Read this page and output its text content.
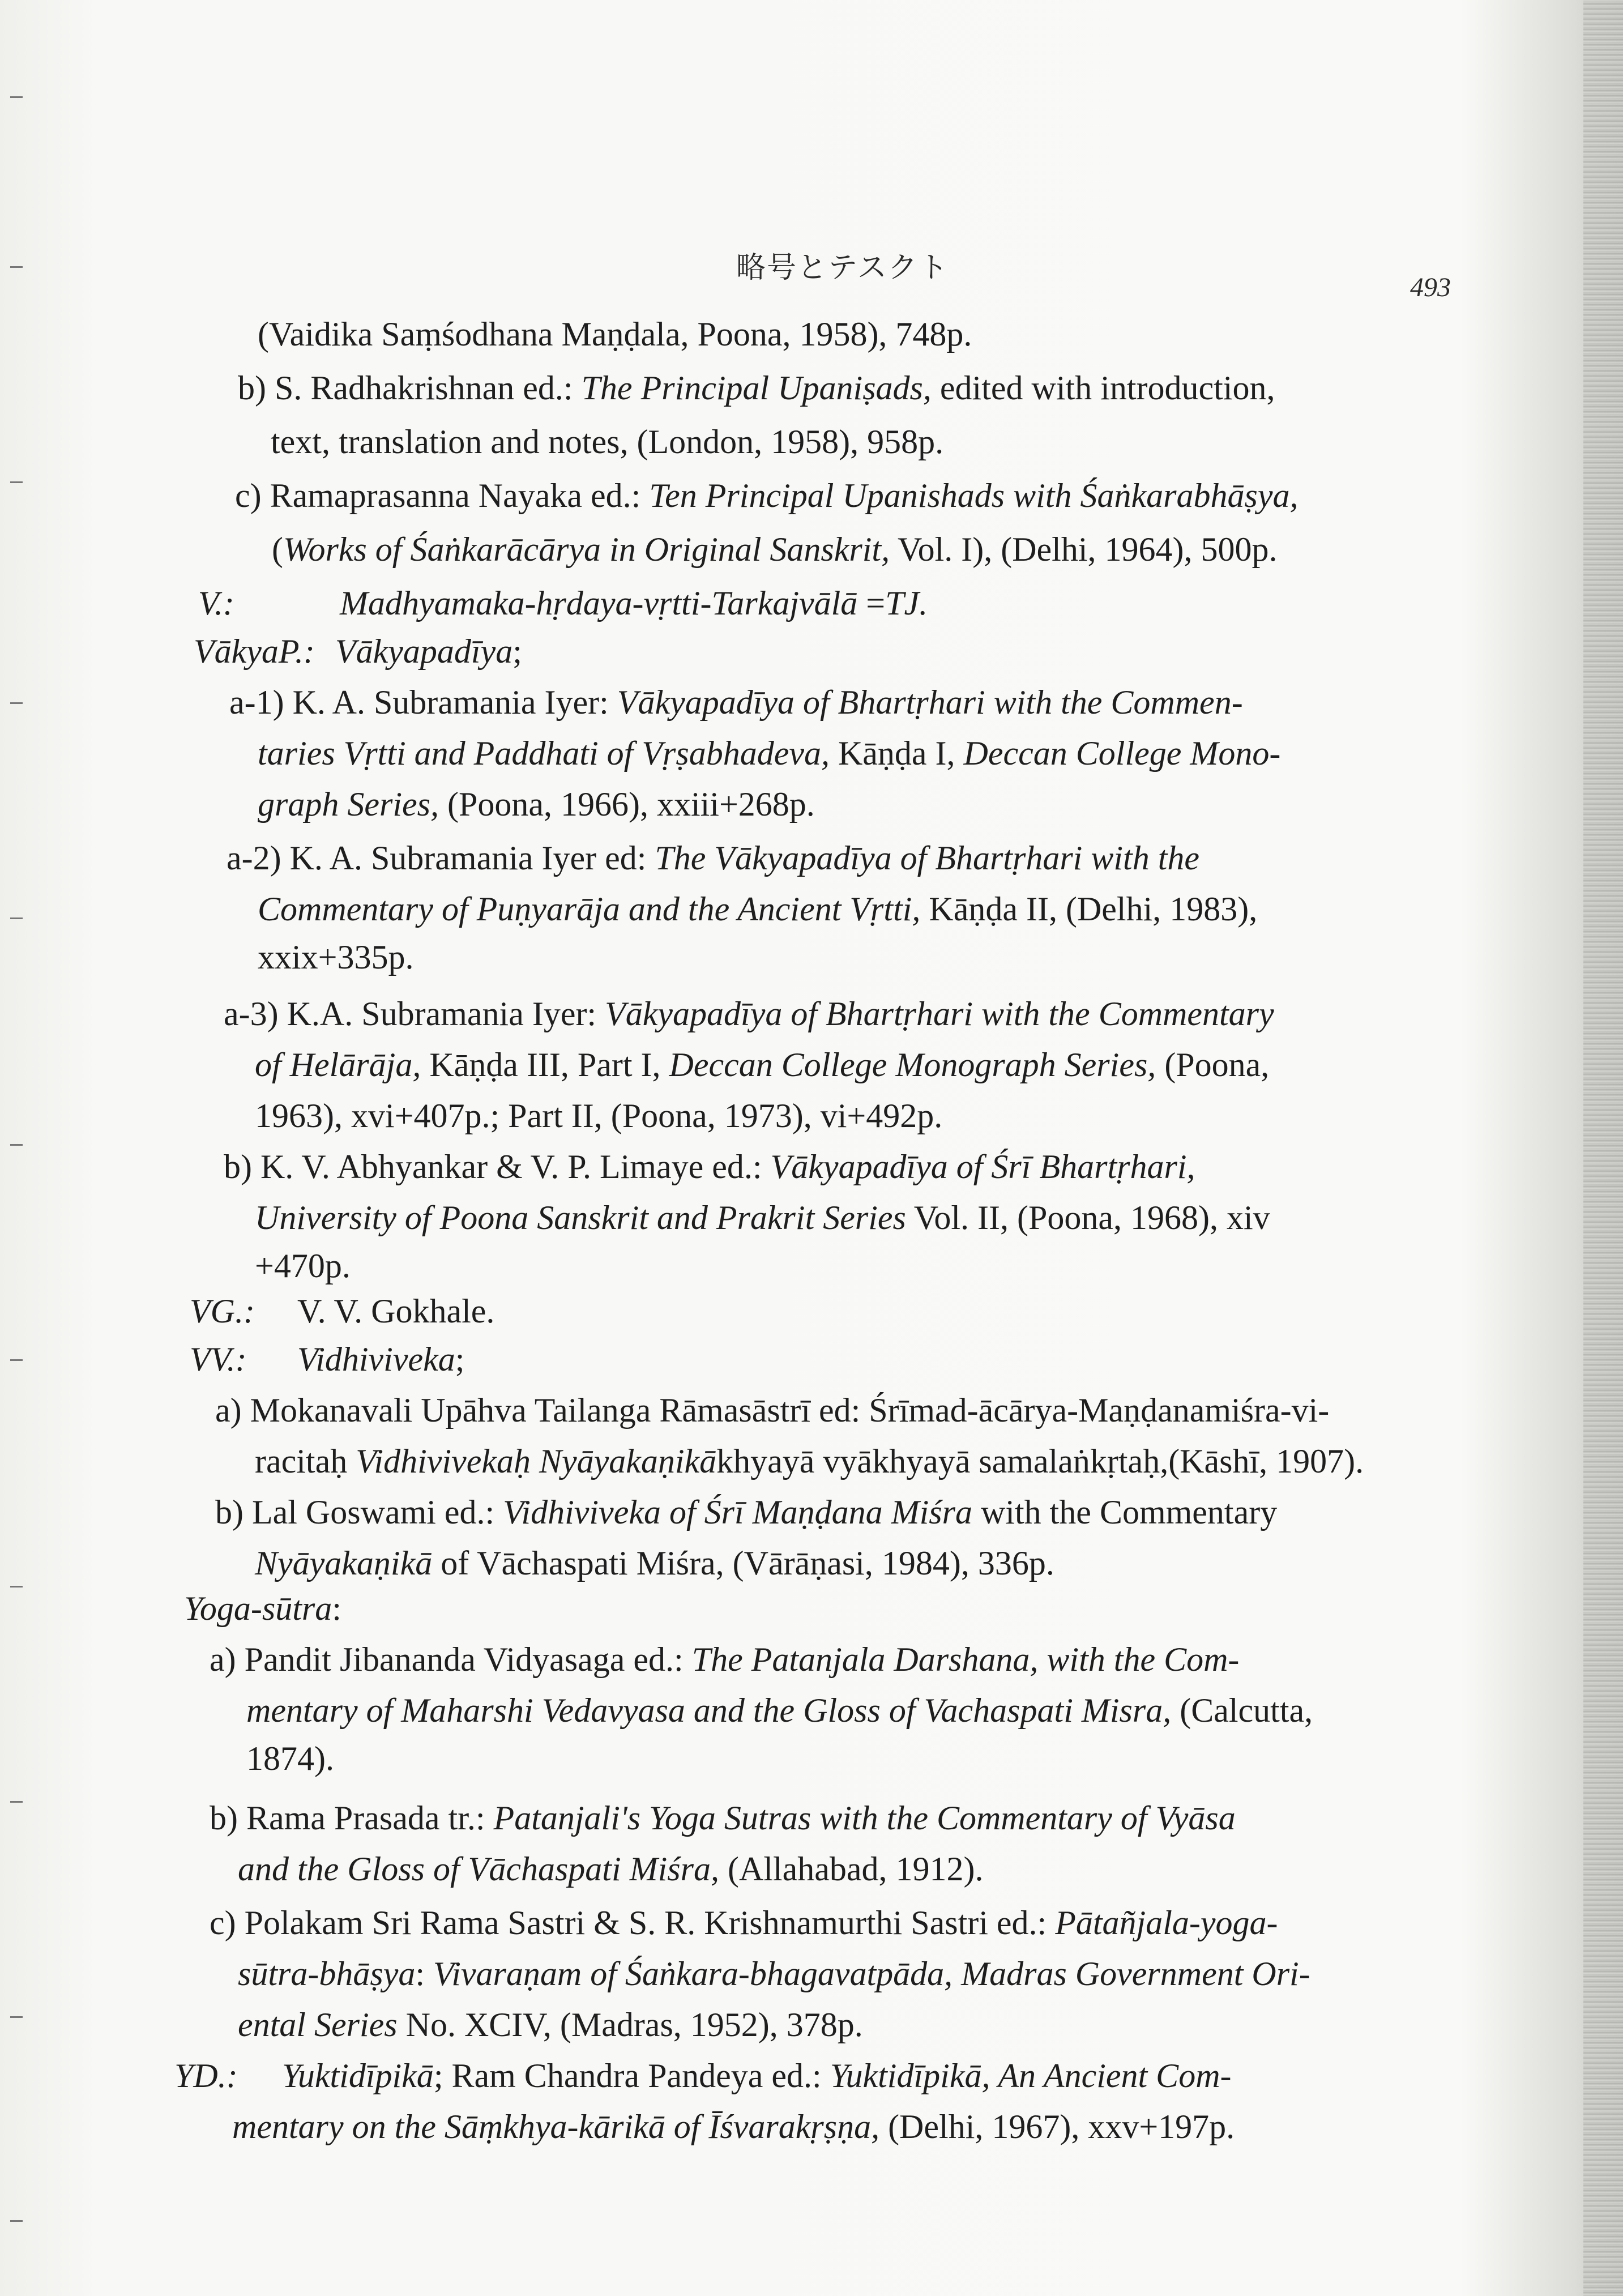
略号とテスクト
493
(Vaidika Saṃśodhana Maṇḍala, Poona, 1958), 748p.
b) S. Radhakrishnan ed.: The Principal Upaniṣads, edited with introduction,
text, translation and notes, (London, 1958), 958p.
c) Ramaprasanna Nayaka ed.: Ten Principal Upanishads with Śaṅkarabhāṣya,
(Works of Śaṅkarācārya in Original Sanskrit, Vol. I), (Delhi, 1964), 500p.
V.:	Madhyamaka-hṛdaya-vṛtti-Tarkajvālā =TJ.
VākyaP.: Vākyapadīya;
a-1) K. A. Subramania Iyer: Vākyapadīya of Bhartṛhari with the Commen-
taries Vṛtti and Paddhati of Vṛṣabhadeva, Kāṇḍa I, Deccan College Mono-
graph Series, (Poona, 1966), xxiii+268p.
a-2) K. A. Subramania Iyer ed: The Vākyapadīya of Bhartṛhari with the
Commentary of Puṇyarāja and the Ancient Vṛtti, Kāṇḍa II, (Delhi, 1983),
xxix+335p.
a-3) K.A. Subramania Iyer: Vākyapadīya of Bhartṛhari with the Commentary
of Helārāja, Kāṇḍa III, Part I, Deccan College Monograph Series, (Poona,
1963), xvi+407p.; Part II, (Poona, 1973), vi+492p.
b) K. V. Abhyankar & V. P. Limaye ed.: Vākyapadīya of Śrī Bhartṛhari,
University of Poona Sanskrit and Prakrit Series Vol. II, (Poona, 1968), xiv
+470p.
VG.: V. V. Gokhale.
VV.: Vidhiviveka;
a) Mokanavali Upāhva Tailanga Rāmasāstrī ed: Śrīmad-ācārya-Maṇḍanamiśra-vi-
racitaḥ Vidhivivekaḥ Nyāyakaṇikākhyayā vyākhyayā samalaṅkṛtaḥ,(Kāshī, 1907).
b) Lal Goswami ed.: Vidhiviveka of Śrī Maṇḍana Miśra with the Commentary
Nyāyakaṇikā of Vāchaspati Miśra, (Vārāṇasi, 1984), 336p.
Yoga-sūtra:
a) Pandit Jibananda Vidyasaga ed.: The Patanjala Darshana, with the Com-
mentary of Maharshi Vedavyasa and the Gloss of Vachaspati Misra, (Calcutta,
1874).
b) Rama Prasada tr.: Patanjali's Yoga Sutras with the Commentary of Vyāsa
and the Gloss of Vāchaspati Miśra, (Allahabad, 1912).
c) Polakam Sri Rama Sastri & S. R. Krishnamurthi Sastri ed.: Pātañjala-yoga-
sūtra-bhāṣya: Vivaraṇam of Śaṅkara-bhagavatpāda, Madras Government Ori-
ental Series No. XCIV, (Madras, 1952), 378p.
YD.: Yuktidīpikā; Ram Chandra Pandeya ed.: Yuktidīpikā, An Ancient Com-
mentary on the Sāṃkhya-kārikā of Īśvarakṛṣṇa, (Delhi, 1967), xxv+197p.
